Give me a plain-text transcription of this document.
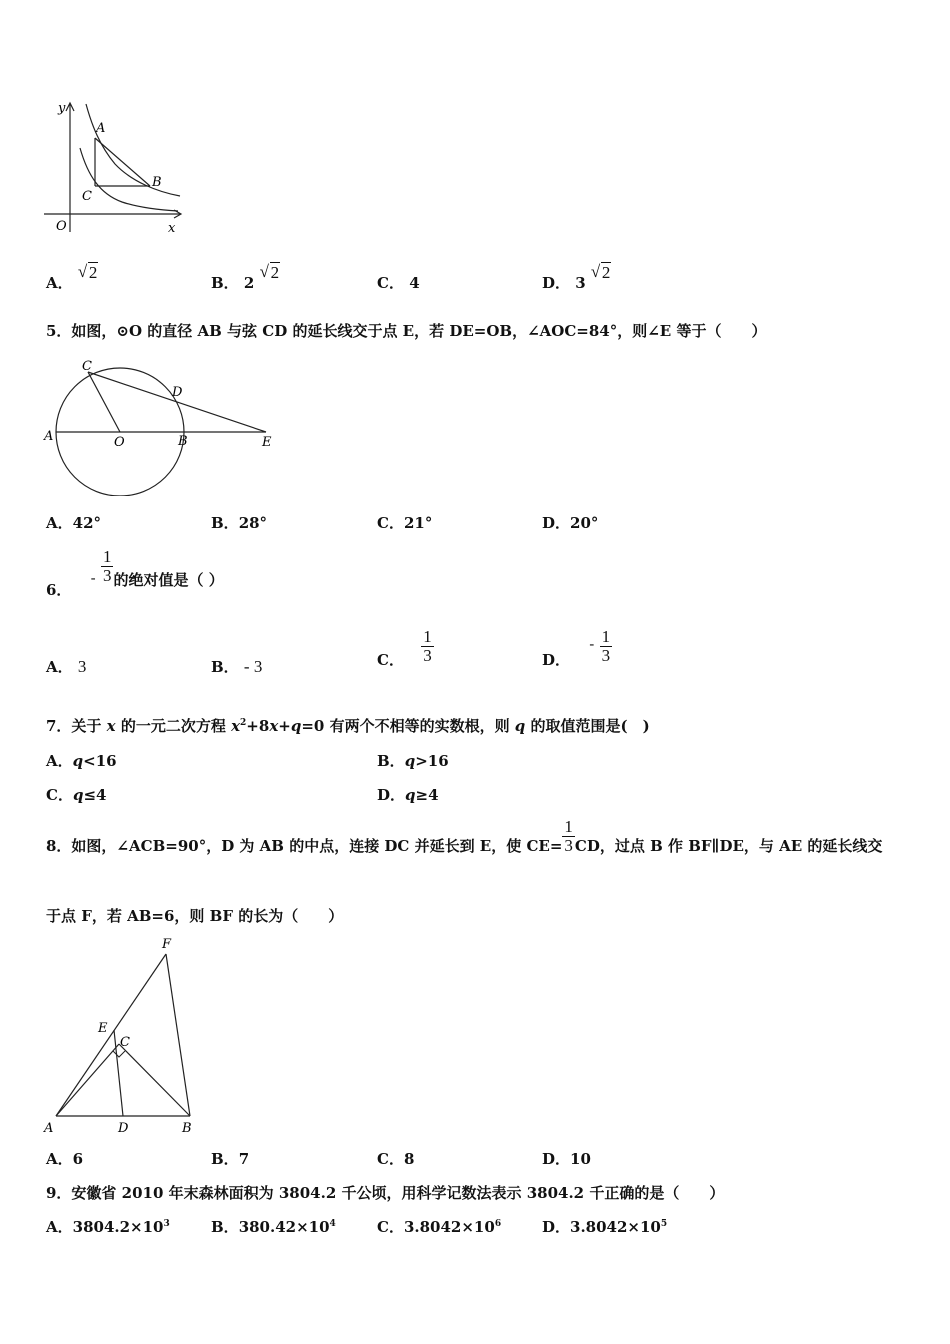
y
A
B
C
O	x
A．
√ 2
B． 2
√ 2
C． 4	D． 3
√ 2
5．如图，⊙O 的直径 AB 与弦 CD 的延长线交于点 E，若 DE=OB，∠AOC=84°，则∠E 等于（　　）
A	O	B
C
D
E
A．42°	B．28°	C．21°	D．20°
6． - $\frac{1}{3}$ 的绝对值是（ ）
A． 3	B． - 3	C． $\frac{1}{3}$	D． - $\frac{1}{3}$
7．关于 x 的一元二次方程 $x^2+8x+q=0$ 有两个不相等的实数根，则 q 的取值范围是(　)
A．q<16	B．q>16
C．q≤4	D．q≥4
8．如图，∠ACB=90°，D 为 AB 的中点，连接 DC 并延长到 E，使 $CE= \frac{1}{3}$ CD，过点 B 作 BF∥DE，与 AE 的延长线交
于点 F，若 AB=6，则 BF 的长为（　　）
F
E
C
A	D	B
A．6	B．7	C．8	D．10
9．安徽省 2010 年末森林面积为 3804.2 千公顷，用科学记数法表示 3804.2 千正确的是（　　）
A．$3804.2\times 10^3$	B．$380.42\times 10^4$	C．$3.8042\times 10^6$	D．$3.8042\times 10^5$
